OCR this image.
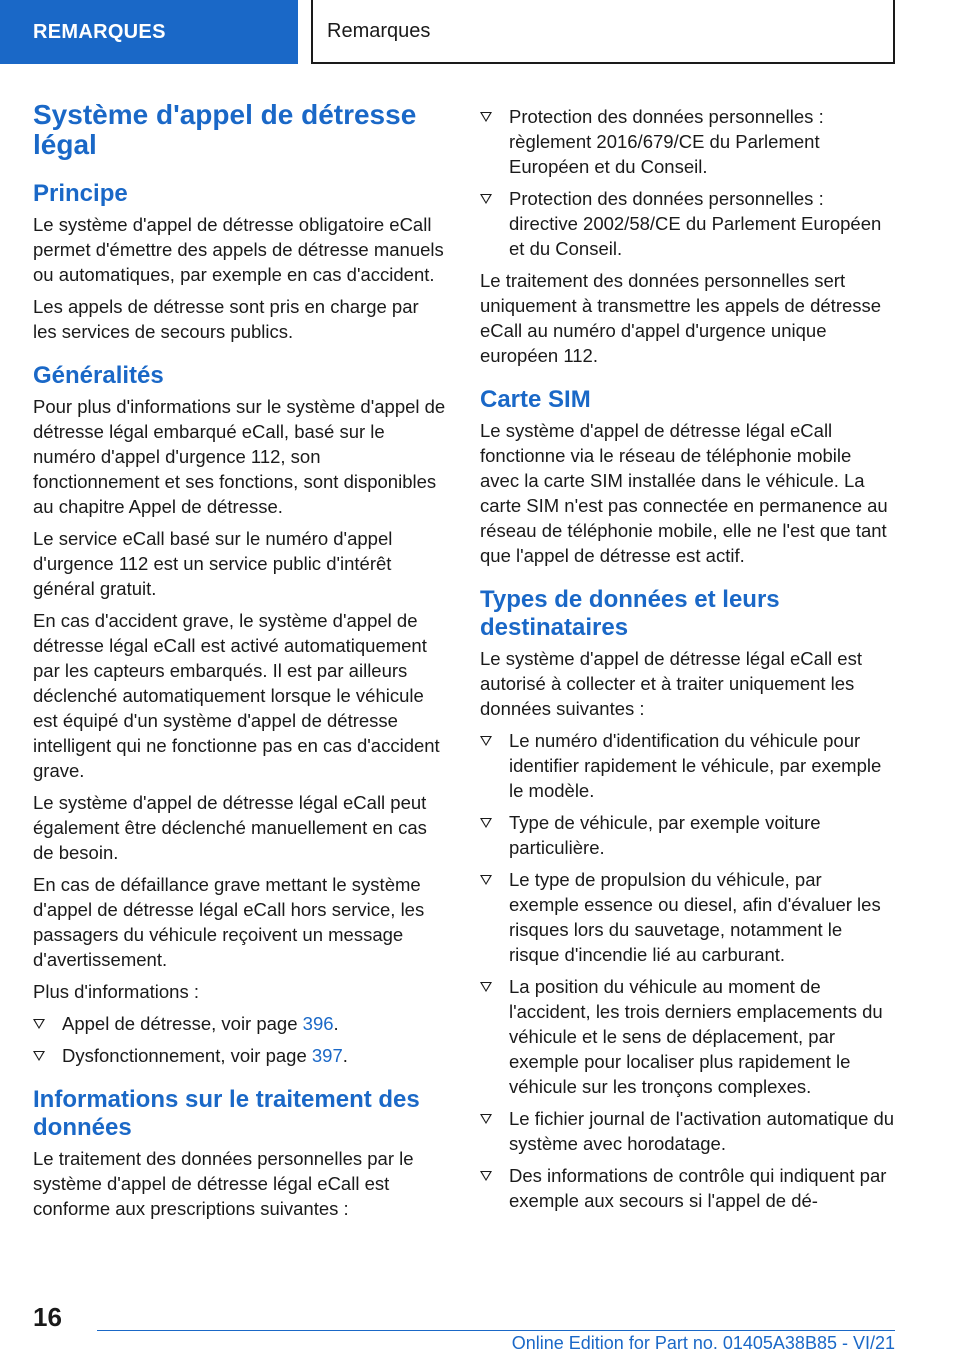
REMARQUES	Remarques
Système d'appel de détresse légal
Principe

Le système d'appel de détresse obligatoire eCall permet d'émettre des appels de détresse manuels ou automatiques, par exemple en cas d'accident.

Les appels de détresse sont pris en charge par les services de secours publics.

Généralités

Pour plus d'informations sur le système d'appel de détresse légal embarqué eCall, basé sur le numéro d'appel d'urgence 112, son fonctionnement et ses fonctions, sont disponibles au chapitre Appel de détresse.

Le service eCall basé sur le numéro d'appel d'urgence 112 est un service public d'intérêt général gratuit.

En cas d'accident grave, le système d'appel de détresse légal eCall est activé automatiquement par les capteurs embarqués. Il est par ailleurs déclenché automatiquement lorsque le véhicule est équipé d'un système d'appel de détresse intelligent qui ne fonctionne pas en cas d'accident grave.

Le système d'appel de détresse légal eCall peut également être déclenché manuellement en cas de besoin.

En cas de défaillance grave mettant le système d'appel de détresse légal eCall hors service, les passagers du véhicule reçoivent un message d'avertissement.

Plus d'informations :

Appel de détresse, voir page 396.
Dysfonctionnement, voir page 397.
Informations sur le traitement des données

Le traitement des données personnelles par le système d'appel de détresse légal eCall est conforme aux prescriptions suivantes :

Protection des données personnelles : règlement 2016/679/CE du Parlement Européen et du Conseil.
Protection des données personnelles : directive 2002/58/CE du Parlement Européen et du Conseil.

Le traitement des données personnelles sert uniquement à transmettre les appels de détresse eCall au numéro d'appel d'urgence unique européen 112.

Carte SIM

Le système d'appel de détresse légal eCall fonctionne via le réseau de téléphonie mobile avec la carte SIM installée dans le véhicule. La carte SIM n'est pas connectée en permanence au réseau de téléphonie mobile, elle ne l'est que tant que l'appel de détresse est actif.

Types de données et leurs destinataires

Le système d'appel de détresse légal eCall est autorisé à collecter et à traiter uniquement les données suivantes :

Le numéro d'identification du véhicule pour identifier rapidement le véhicule, par exemple le modèle.
Type de véhicule, par exemple voiture particulière.
Le type de propulsion du véhicule, par exemple essence ou diesel, afin d'évaluer les risques lors du sauvetage, notamment le risque d'incendie lié au carburant.
La position du véhicule au moment de l'accident, les trois derniers emplacements du véhicule et le sens de déplacement, par exemple pour localiser plus rapidement le véhicule sur les tronçons complexes.
Le fichier journal de l'activation automatique du système avec horodatage.
Des informations de contrôle qui indiquent par exemple aux secours si l'appel de dé-
16
Online Edition for Part no. 01405A38B85 - VI/21
